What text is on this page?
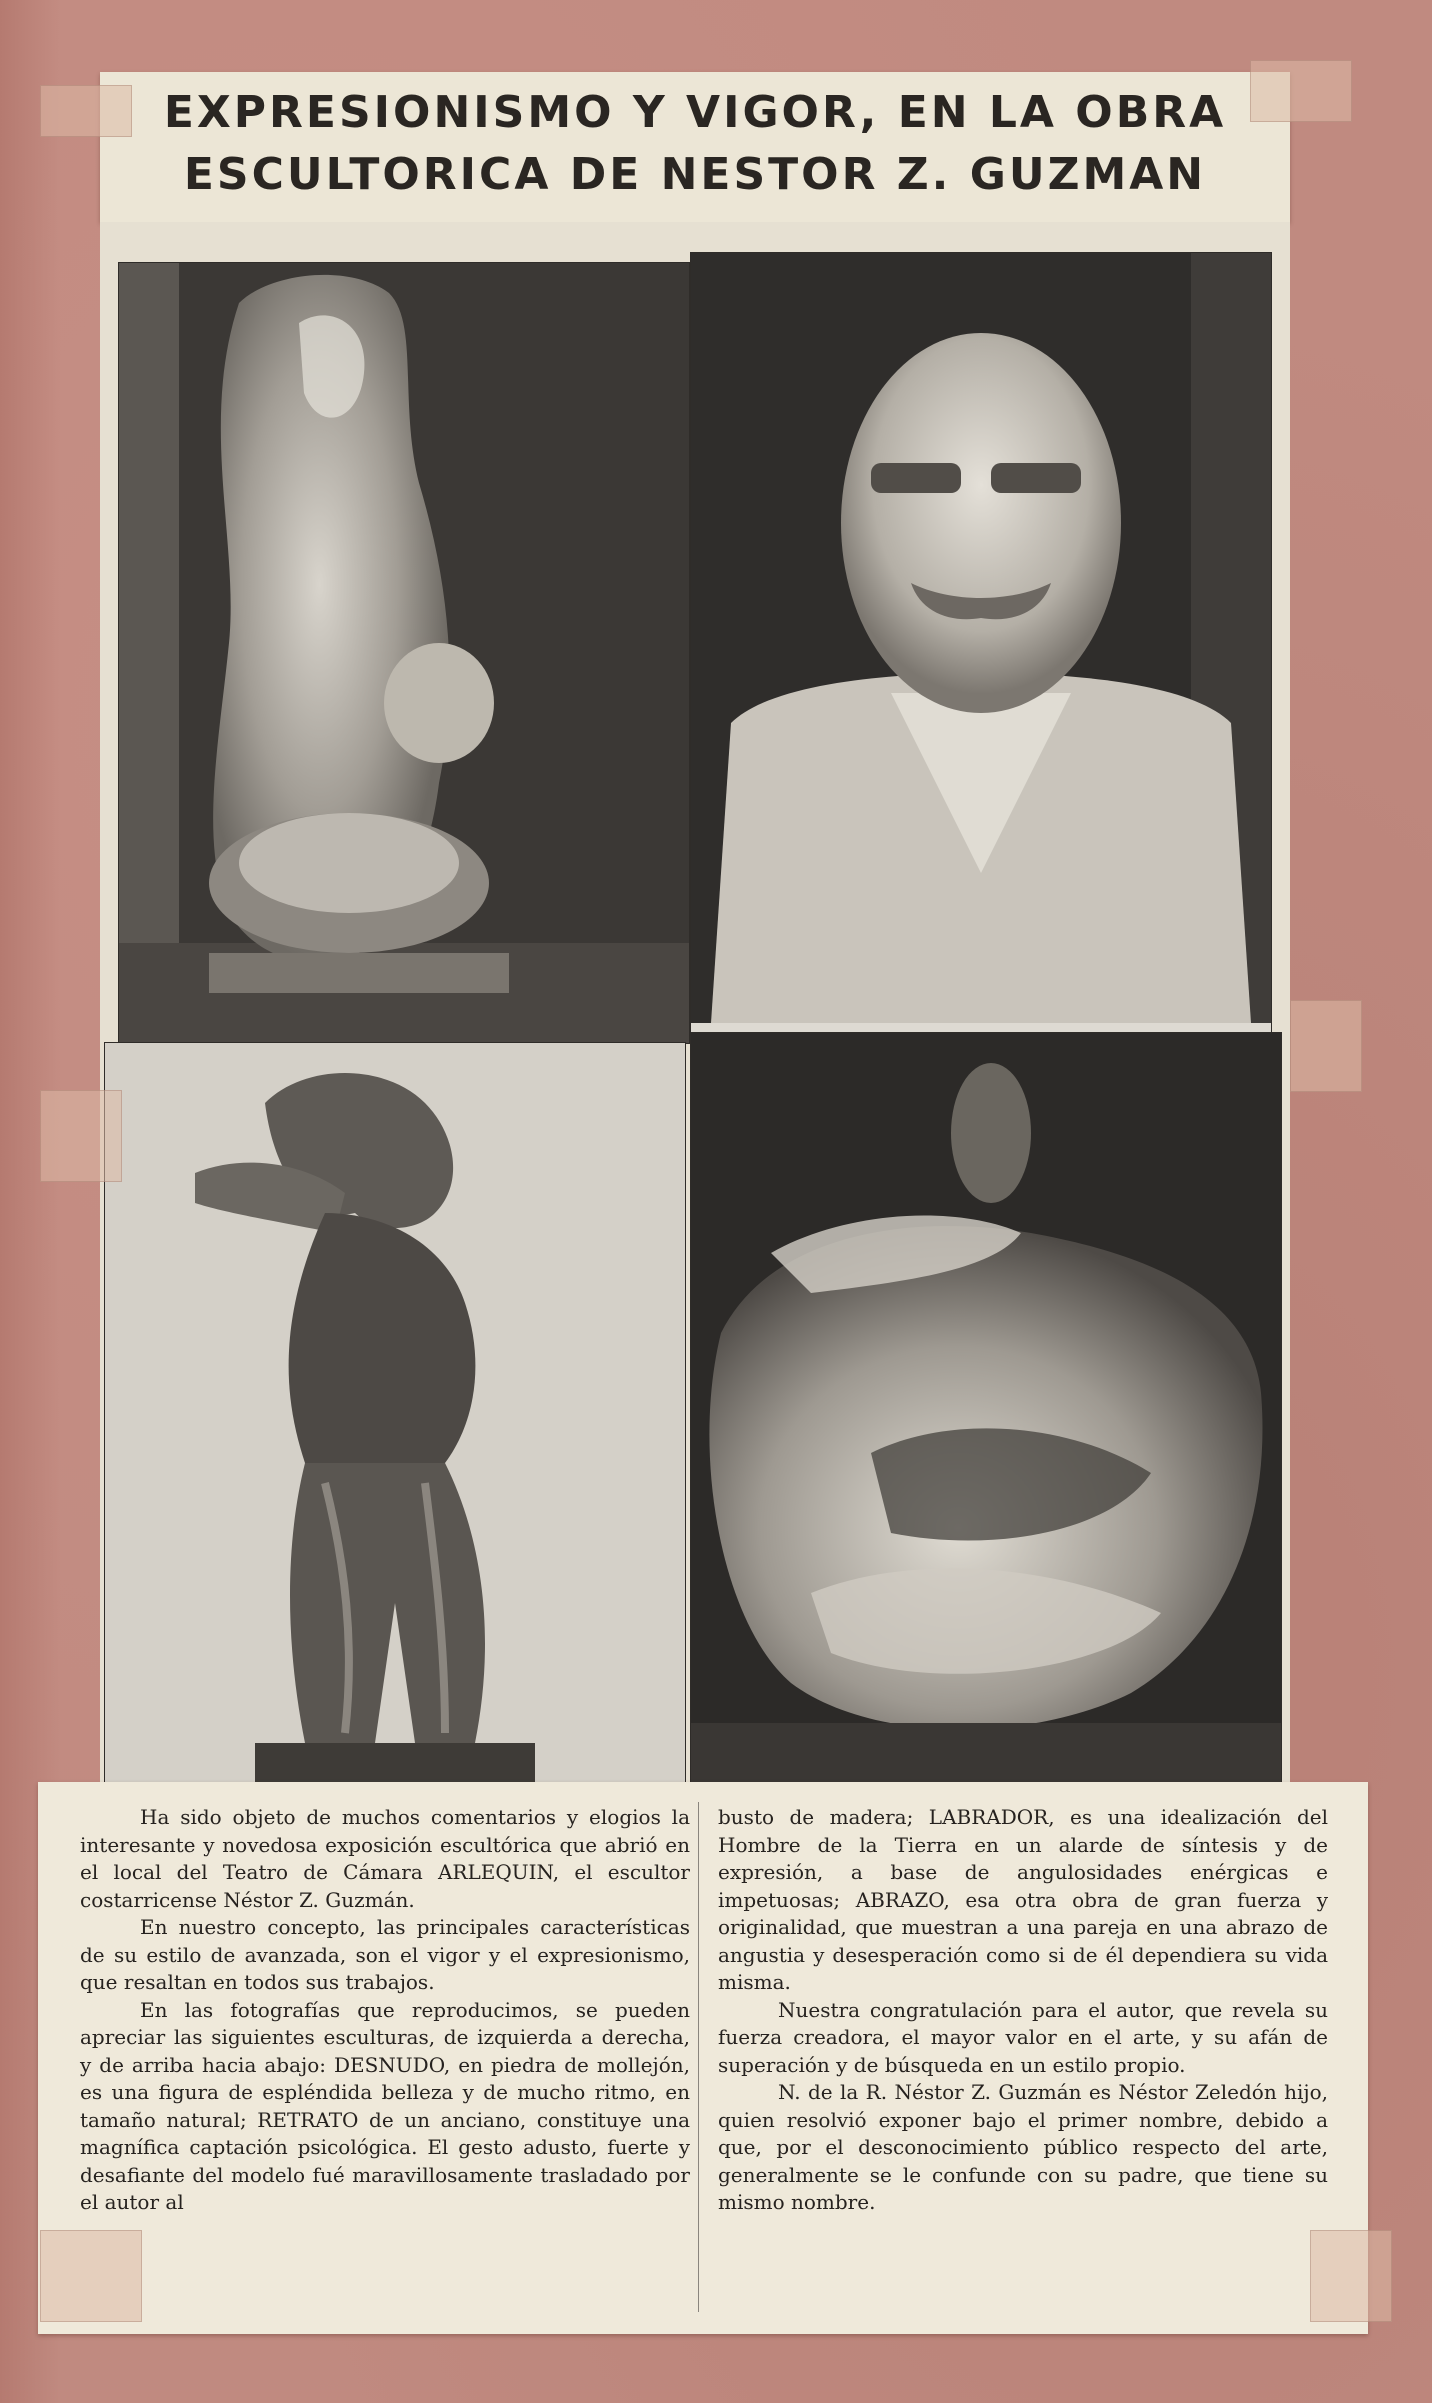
EXPRESIONISMO Y VIGOR, EN LA OBRA
ESCULTORICA DE NESTOR Z. GUZMAN

Ha sido objeto de muchos comentarios y elogios la interesante y novedosa exposición escultórica que abrió en el local del Teatro de Cámara ARLEQUIN, el escultor costarricense Néstor Z. Guzmán.

En nuestro concepto, las principales características de su estilo de avanzada, son el vigor y el expresionismo, que resaltan en todos sus trabajos.

En las fotografías que reproducimos, se pueden apreciar las siguientes esculturas, de izquierda a derecha, y de arriba hacia abajo: DESNUDO, en piedra de mollejón, es una figura de espléndida belleza y de mucho ritmo, en tamaño natural; RETRATO de un anciano, constituye una magnífica captación psicológica. El gesto adusto, fuerte y desafiante del modelo fué maravillosamente trasladado por el autor al

busto de madera; LABRADOR, es una idealización del Hombre de la Tierra en un alarde de síntesis y de expresión, a base de angulosidades enérgicas e impetuosas; ABRAZO, esa otra obra de gran fuerza y originalidad, que muestran a una pareja en una abrazo de angustia y desesperación como si de él dependiera su vida misma.

Nuestra congratulación para el autor, que revela su fuerza creadora, el mayor valor en el arte, y su afán de superación y de búsqueda en un estilo propio.

N. de la R. Néstor Z. Guzmán es Néstor Zeledón hijo, quien resolvió exponer bajo el primer nombre, debido a que, por el desconocimiento público respecto del arte, generalmente se le confunde con su padre, que tiene su mismo nombre.
